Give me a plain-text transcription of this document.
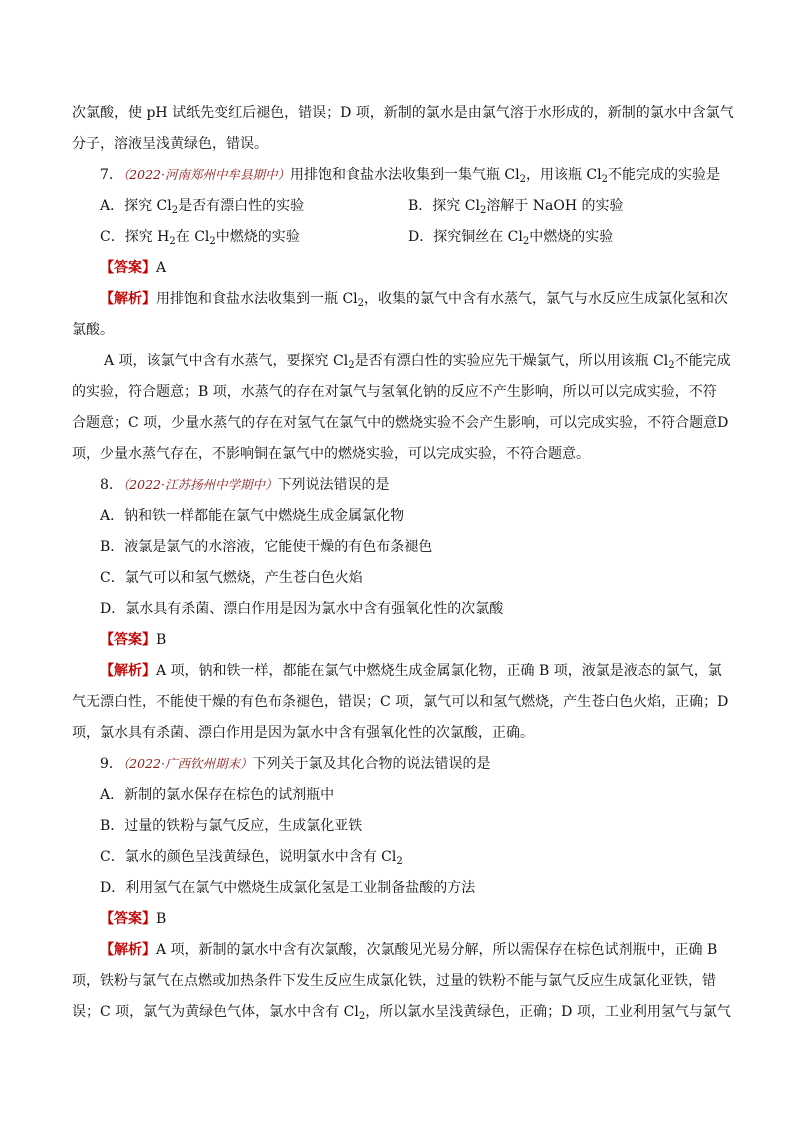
次氯酸，使 pH 试纸先变红后褪色，错误；D 项，新制的氯水是由氯气溶于水形成的，新制的氯水中含氯气
分子，溶液呈浅黄绿色，错误。
7．（2022·河南郑州中牟县期中）用排饱和食盐水法收集到一集气瓶 $Cl_2$，用该瓶 $Cl_2$不能完成的实验是
A．探究 $Cl_2$是否有漂白性的实验	B．探究 $Cl_2$溶解于 NaOH 的实验
C．探究 $H_2$在 $Cl_2$中燃烧的实验	D．探究铜丝在 $Cl_2$中燃烧的实验
【答案】A
【解析】用排饱和食盐水法收集到一瓶 $Cl_2$，收集的氯气中含有水蒸气，氯气与水反应生成氯化氢和次
氯酸。
A 项，该氯气中含有水蒸气，要探究 $Cl_2$是否有漂白性的实验应先干燥氯气，所以用该瓶 $Cl_2$不能完成
的实验，符合题意；B 项，水蒸气的存在对氯气与氢氧化钠的反应不产生影响，所以可以完成实验，不符
合题意；C 项，少量水蒸气的存在对氢气在氯气中的燃烧实验不会产生影响，可以完成实验，不符合题意D
项，少量水蒸气存在，不影响铜在氯气中的燃烧实验，可以完成实验，不符合题意。
8．（2022·江苏扬州中学期中）下列说法错误的是
A．钠和铁一样都能在氯气中燃烧生成金属氯化物
B．液氯是氯气的水溶液，它能使干燥的有色布条褪色
C．氯气可以和氢气燃烧，产生苍白色火焰
D．氯水具有杀菌、漂白作用是因为氯水中含有强氧化性的次氯酸
【答案】B
【解析】A 项，钠和铁一样，都能在氯气中燃烧生成金属氯化物，正确 B 项，液氯是液态的氯气，氯
气无漂白性，不能使干燥的有色布条褪色，错误；C 项，氯气可以和氢气燃烧，产生苍白色火焰，正确；D
项，氯水具有杀菌、漂白作用是因为氯水中含有强氧化性的次氯酸，正确。
9．（2022·广西钦州期末）下列关于氯及其化合物的说法错误的是
A．新制的氯水保存在棕色的试剂瓶中
B．过量的铁粉与氯气反应，生成氯化亚铁
C．氯水的颜色呈浅黄绿色，说明氯水中含有 $Cl_2$
D．利用氢气在氯气中燃烧生成氯化氢是工业制备盐酸的方法
【答案】B
【解析】A 项，新制的氯水中含有次氯酸，次氯酸见光易分解，所以需保存在棕色试剂瓶中，正确 B
项，铁粉与氯气在点燃或加热条件下发生反应生成氯化铁，过量的铁粉不能与氯气反应生成氯化亚铁，错
误；C 项，氯气为黄绿色气体，氯水中含有 $Cl_2$，所以氯水呈浅黄绿色，正确；D 项，工业利用氢气与氯气
